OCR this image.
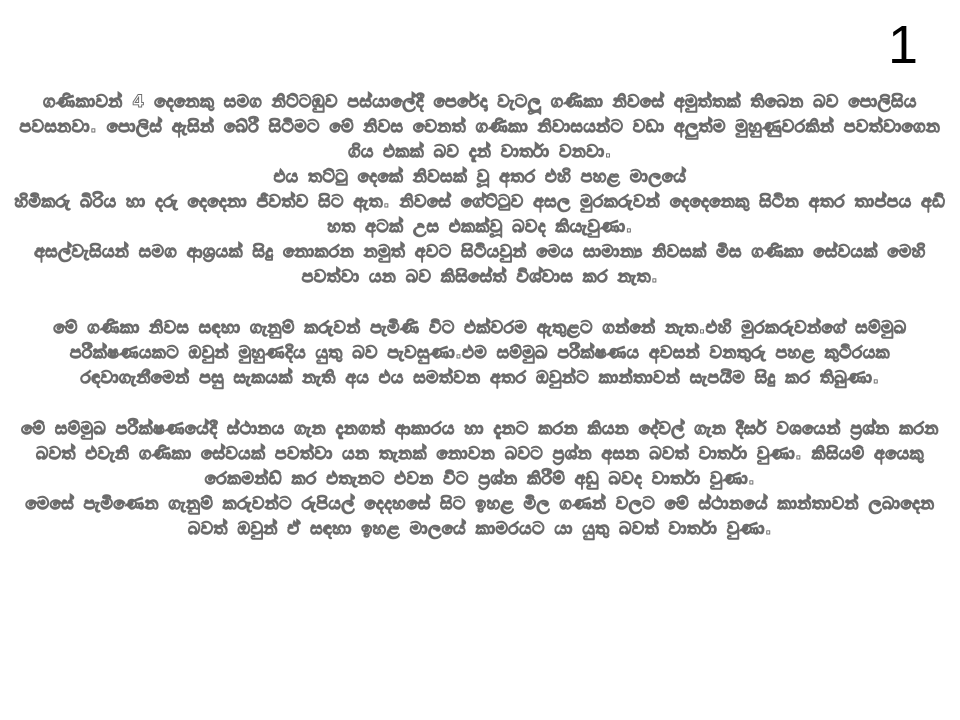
1

ගණිකාවන් 4 දෙනෙකු සමග නිට්ටඹුව පස්යාලේදී පෙරේදා වැටලූ ගණිකා නිවසේ අමුත්තක් තිබෙන බව පොලිසිය පවසනවා. පොලිස් ඇසින් බේරී සිටීමට මේ නිවස වෙනත් ගණිකා නිවාසයන්ට වඩා අලුත්ම මුහුණුවරකින් පවත්වාගෙන ගිය එකක් බව දැන් වාර්තා වනවා.
එය තට්ටු දෙකේ නිවසක් වූ අතර එහි පහළ මාලයේ
හිමිකරු බිරිය හා දරු දෙදෙනා ජීවත්ව සිට ඇත. නිවසේ ගේට්ටුව අසල මුරකරුවන් දෙදෙනෙකු සිටින අතර තාප්පය අඩි හත අටක් උස එකක්වූ බවද කියැවුණා.
අසල්වැසියන් සමග ආශ්‍රයක් සිදු නොකරන නමුත් අවට සිටියවුන් මෙය සාමාන්‍ය නිවසක් මිස ගණිකා සේවයක් මෙහි පවත්වා යන බව කිසිසේත් විශ්වාස කර නැත.

මේ ගණිකා නිවස සඳහා ගැනුම් කරුවන් පැමිණි විට එක්වරම ඇතුළට ගන්නේ නැත.එහි මුරකරුවන්ගේ සම්මුඛ පරීක්ෂණයකට ඔවුන් මුහුණදිය යුතු බව පැවසුණා.එම සම්මුඛ පරීක්ෂණය අවසන් වනතුරු පහළ කුටිරයක රඳවාගැනීමෙන් පසු සැකයක් නැති අය එය සමත්වන අතර ඔවුන්ට කාන්තාවන් සැපයීම සිදු කර තිබුණා.

මේ සම්මුඛ පරීක්ෂණයේදී ස්ථානය ගැන දැනගත් ආකාරය හා දැනට කරන කියන දේවල් ගැන දීර්ඝ වශයෙන් ප්‍රශ්න කරන බවත් එවැනි ගණිකා සේවයක් පවත්වා යන තැනක් නොවන බවට ප්‍රශ්න අසන බවත් වාර්තා වුණා. කිසියම් අයෙකු රෙකමන්ඩ් කර එතැනට එවන විට ප්‍රශ්න කිරීම් අඩු බවද වාර්තා වුණා.
මෙසේ පැමිණෙන ගැනුම් කරුවන්ට රුපියල් දෙදහසේ සිට ඉහළ මිල ගණන් වලට මේ ස්ථානයේ කාන්තාවන් ලබාදෙන බවත් ඔවුන් ඒ සඳහා ඉහළ මාලයේ කාමරයට යා යුතු බවත් වාර්තා වුණා.
